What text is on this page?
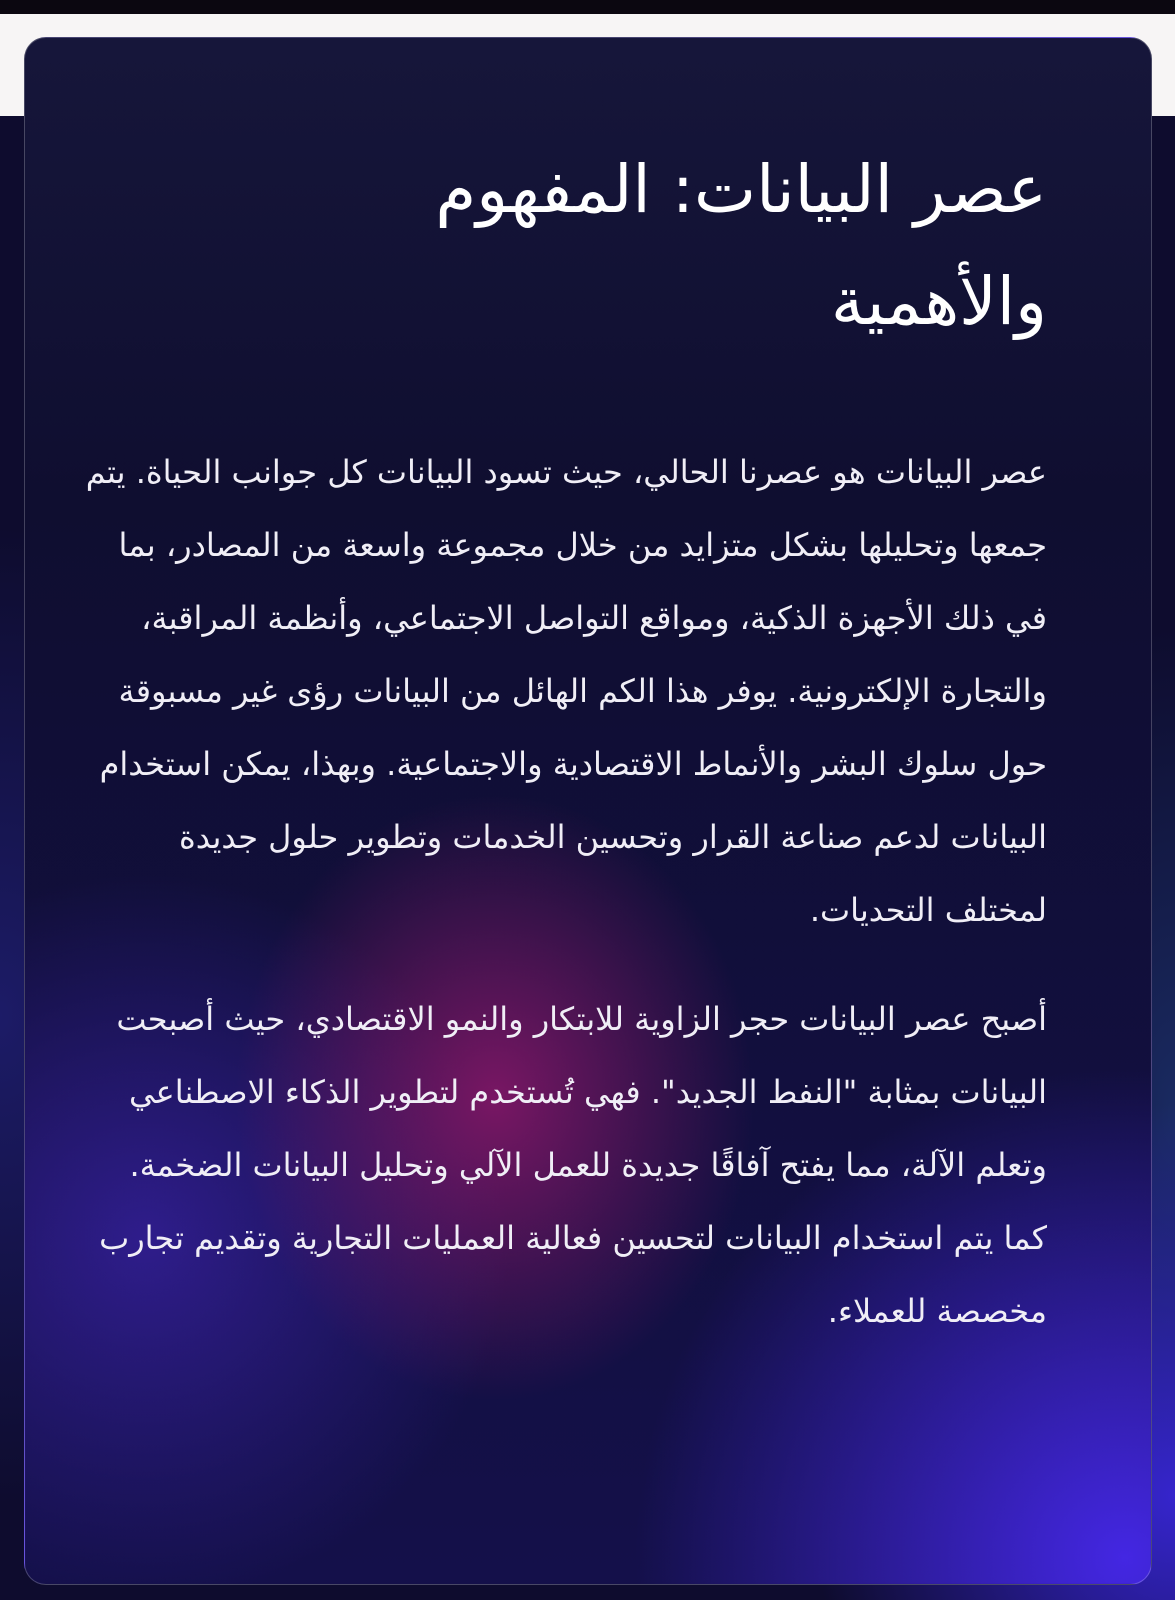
عصر البيانات: المفهوم والأهمية

عصر البيانات هو عصرنا الحالي، حيث تسود البيانات كل جوانب الحياة. يتم جمعها وتحليلها بشكل متزايد من خلال مجموعة واسعة من المصادر، بما في ذلك الأجهزة الذكية، ومواقع التواصل الاجتماعي، وأنظمة المراقبة، والتجارة الإلكترونية. يوفر هذا الكم الهائل من البيانات رؤى غير مسبوقة حول سلوك البشر والأنماط الاقتصادية والاجتماعية. وبهذا، يمكن استخدام البيانات لدعم صناعة القرار وتحسين الخدمات وتطوير حلول جديدة لمختلف التحديات.

أصبح عصر البيانات حجر الزاوية للابتكار والنمو الاقتصادي، حيث أصبحت البيانات بمثابة "النفط الجديد". فهي تُستخدم لتطوير الذكاء الاصطناعي وتعلم الآلة، مما يفتح آفاقًا جديدة للعمل الآلي وتحليل البيانات الضخمة. كما يتم استخدام البيانات لتحسين فعالية العمليات التجارية وتقديم تجارب مخصصة للعملاء.
